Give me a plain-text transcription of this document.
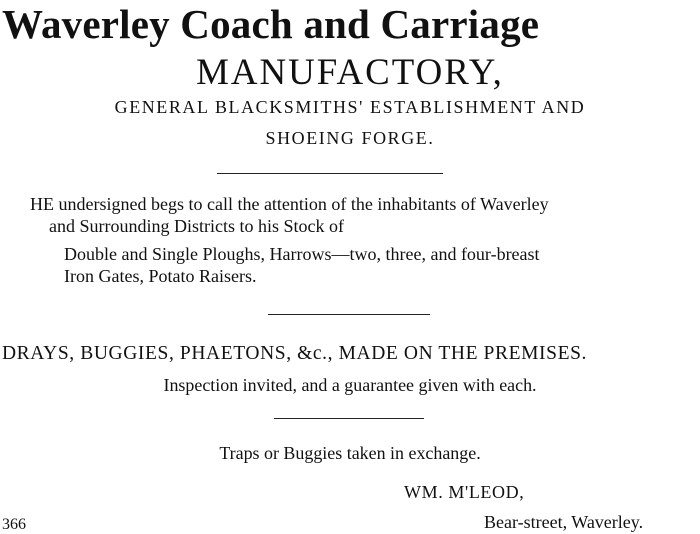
Waverley Coach and Carriage
MANUFACTORY,
GENERAL BLACKSMITHS' ESTABLISHMENT AND
SHOEING FORGE.
HE undersigned begs to call the attention of the inhabitants of Waverley
and Surrounding Districts to his Stock of
Double and Single Ploughs, Harrows—two, three, and four-breast
Iron Gates, Potato Raisers.
DRAYS, BUGGIES, PHAETONS, &c., MADE ON THE PREMISES.
Inspection invited, and a guarantee given with each.
Traps or Buggies taken in exchange.
WM. M'LEOD,
366	Bear-street, Waverley.
